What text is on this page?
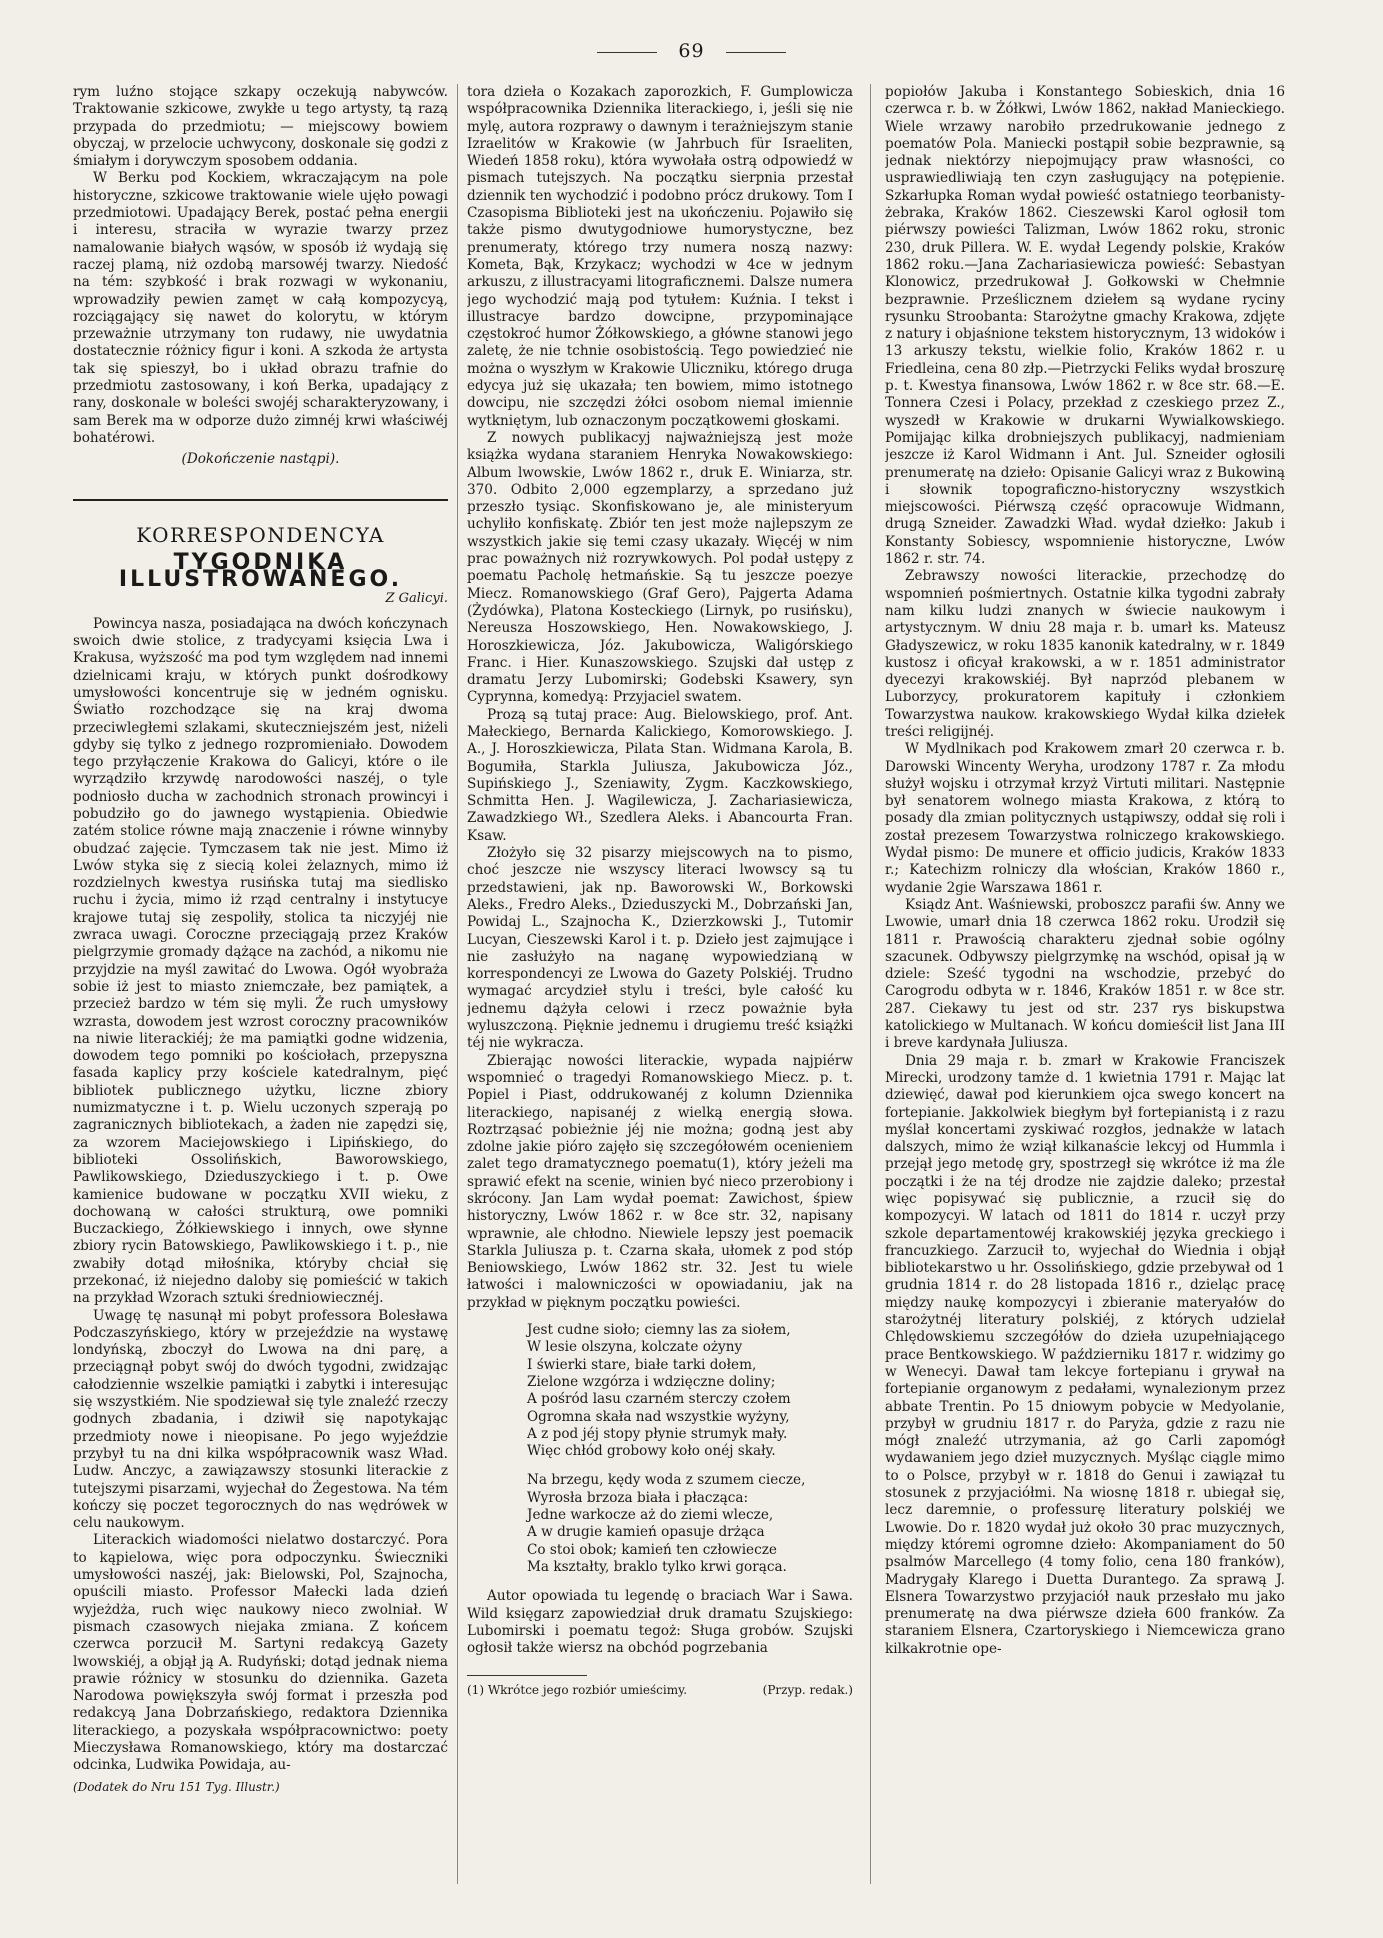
69

rym luźno stojące szkapy oczekują nabywców. Traktowanie szkicowe, zwykłe u tego artysty, tą razą przypada do przedmiotu; — miejscowy bowiem obyczaj, w przelocie uchwycony, doskonale się godzi z śmiałym i dorywczym sposobem oddania.

W Berku pod Kockiem, wkraczającym na pole historyczne, szkicowe traktowanie wiele ujęło powagi przedmiotowi. Upadający Berek, postać pełna energii i interesu, straciła w wyrazie twarzy przez namalowanie białych wąsów, w sposób iż wydają się raczej plamą, niż ozdobą marsowéj twarzy. Niedość na tém: szybkość i brak rozwagi w wykonaniu, wprowadziły pewien zamęt w całą kompozycyą, rozciągający się nawet do kolorytu, w którym przeważnie utrzymany ton rudawy, nie uwydatnia dostatecznie różnicy figur i koni. A szkoda że artysta tak się spieszył, bo i układ obrazu trafnie do przedmiotu zastosowany, i koń Berka, upadający z rany, doskonale w boleści swojéj scharakteryzowany, i sam Berek ma w odporze dużo zimnéj krwi właściwéj bohatérowi.

(Dokończenie nastąpi).

KORRESPONDENCYA
TYGODNIKA ILLUSTROWANEGO.
Z Galicyi.

Powincya nasza, posiadająca na dwóch kończynach swoich dwie stolice, z tradycyami księcia Lwa i Krakusa, wyższość ma pod tym względem nad innemi dzielnicami kraju, w których punkt dośrodkowy umysłowości koncentruje się w jedném ognisku. Światło rozchodzące się na kraj dwoma przeciwległemi szlakami, skuteczniejszém jest, niżeli gdyby się tylko z jednego rozpromieniało. Dowodem tego przyłączenie Krakowa do Galicyi, które o ile wyrządziło krzywdę narodowości naszéj, o tyle podniosło ducha w zachodnich stronach prowincyi i pobudziło go do jawnego wystąpienia. Obiedwie zatém stolice równe mają znaczenie i równe winnyby obudzać zajęcie. Tymczasem tak nie jest. Mimo iż Lwów styka się z siecią kolei żelaznych, mimo iż rozdzielnych kwestya rusińska tutaj ma siedlisko ruchu i życia, mimo iż rząd centralny i instytucye krajowe tutaj się zespoliły, stolica ta niczyjéj nie zwraca uwagi. Coroczne przeciągają przez Kraków pielgrzymie gromady dążące na zachód, a nikomu nie przyjdzie na myśl zawitać do Lwowa. Ogół wyobraża sobie iż jest to miasto zniemczałe, bez pamiątek, a przecież bardzo w tém się myli. Że ruch umysłowy wzrasta, dowodem jest wzrost coroczny pracowników na niwie literackiéj; że ma pamiątki godne widzenia, dowodem tego pomniki po kościołach, przepyszna fasada kaplicy przy kościele katedralnym, pięć bibliotek publicznego użytku, liczne zbiory numizmatyczne i t. p. Wielu uczonych szperają po zagranicznych bibliotekach, a żaden nie zapędzi się, za wzorem Maciejowskiego i Lipińskiego, do biblioteki Ossolińskich, Baworowskiego, Pawlikowskiego, Dzieduszyckiego i t. p. Owe kamienice budowane w początku XVII wieku, z dochowaną w całości strukturą, owe pomniki Buczackiego, Żółkiewskiego i innych, owe słynne zbiory rycin Batowskiego, Pawlikowskiego i t. p., nie zwabiły dotąd miłośnika, któryby chciał się przekonać, iż niejedno daloby się pomieścić w takich na przykład Wzorach sztuki średniowiecznéj.

Uwagę tę nasunął mi pobyt professora Bolesława Podczaszyńskiego, który w przejeździe na wystawę londyńską, zboczył do Lwowa na dni parę, a przeciągnął pobyt swój do dwóch tygodni, zwidzając całodziennie wszelkie pamiątki i zabytki i interesując się wszystkiém. Nie spodziewał się tyle znaleźć rzeczy godnych zbadania, i dziwił się napotykając przedmioty nowe i nieopisane. Po jego wyjeździe przybył tu na dni kilka współpracownik wasz Wład. Ludw. Anczyc, a zawiązawszy stosunki literackie z tutejszymi pisarzami, wyjechał do Żegestowa. Na tém kończy się poczet tegorocznych do nas wędrówek w celu naukowym.

Literackich wiadomości nielatwo dostarczyć. Pora to kąpielowa, więc pora odpoczynku. Świeczniki umysłowości naszéj, jak: Bielowski, Pol, Szajnocha, opuścili miasto. Professor Małecki lada dzień wyjeżdża, ruch więc naukowy nieco zwolniał. W pismach czasowych niejaka zmiana. Z końcem czerwca porzucił M. Sartyni redakcyą Gazety lwowskiéj, a objął ją A. Rudyński; dotąd jednak niema prawie różnicy w stosunku do dziennika. Gazeta Narodowa powiększyła swój format i przeszła pod redakcyą Jana Dobrzańskiego, redaktora Dziennika literackiego, a pozyskała współpracownictwo: poety Mieczysława Romanowskiego, który ma dostarczać odcinka, Ludwika Powidaja, au-

(Dodatek do Nru 151 Tyg. Illustr.)

tora dzieła o Kozakach zaporozkich, F. Gumplowicza współpracownika Dziennika literackiego, i, jeśli się nie mylę, autora rozprawy o dawnym i terażniejszym stanie Izraelitów w Krakowie (w Jahrbuch für Israeliten, Wiedeń 1858 roku), która wywołała ostrą odpowiedź w pismach tutejszych. Na początku sierpnia przestał dziennik ten wychodzić i podobno prócz drukowy. Tom I Czasopisma Biblioteki jest na ukończeniu. Pojawiło się także pismo dwutygodniowe humorystyczne, bez prenumeraty, którego trzy numera noszą nazwy: Kometa, Bąk, Krzykacz; wychodzi w 4ce w jednym arkuszu, z illustracyami litograficznemi. Dalsze numera jego wychodzić mają pod tytułem: Kuźnia. I tekst i illustracye bardzo dowcipne, przypominające częstokroć humor Żółkowskiego, a główne stanowi jego zaletę, że nie tchnie osobistością. Tego powiedzieć nie można o wyszłym w Krakowie Uliczniku, którego druga edycya już się ukazała; ten bowiem, mimo istotnego dowcipu, nie szczędzi żółci osobom niemal imiennie wytkniętym, lub oznaczonym początkowemi głoskami.

Z nowych publikacyj najważniejszą jest może książka wydana staraniem Henryka Nowakowskiego: Album lwowskie, Lwów 1862 r., druk E. Winiarza, str. 370. Odbito 2,000 egzemplarzy, a sprzedano już przeszło tysiąc. Skonfiskowano je, ale ministeryum uchyliło konfiskatę. Zbiór ten jest może najlepszym ze wszystkich jakie się temi czasy ukazały. Więcéj w nim prac poważnych niż rozrywkowych. Pol podał ustępy z poematu Pacholę hetmańskie. Są tu jeszcze poezye Miecz. Romanowskiego (Graf Gero), Pajgerta Adama (Żydówka), Platona Kosteckiego (Lirnyk, po rusińsku), Nereusza Hoszowskiego, Hen. Nowakowskiego, J. Horoszkiewicza, Józ. Jakubowicza, Waligórskiego Franc. i Hier. Kunaszowskiego. Szujski dał ustęp z dramatu Jerzy Lubomirski; Godebski Ksawery, syn Cyprynna, komedyą: Przyjaciel swatem.

Prozą są tutaj prace: Aug. Bielowskiego, prof. Ant. Małeckiego, Bernarda Kalickiego, Komorowskiego. J. A., J. Horoszkiewicza, Pilata Stan. Widmana Karola, B. Bogumiła, Starkla Juliusza, Jakubowicza Józ., Supińskiego J., Szeniawity, Zygm. Kaczkowskiego, Schmitta Hen. J. Wagilewicza, J. Zachariasiewicza, Zawadzkiego Wł., Szedlera Aleks. i Abancourta Fran. Ksaw.

Złożyło się 32 pisarzy miejscowych na to pismo, choć jeszcze nie wszyscy literaci lwowscy są tu przedstawieni, jak np. Baworowski W., Borkowski Aleks., Fredro Aleks., Dzieduszycki M., Dobrzański Jan, Powidaj L., Szajnocha K., Dzierzkowski J., Tutomir Lucyan, Cieszewski Karol i t. p. Dzieło jest zajmujące i nie zasłużyło na naganę wypowiedzianą w korrespondencyi ze Lwowa do Gazety Polskiéj. Trudno wymagać arcydzieł stylu i treści, byle całość ku jednemu dążyła celowi i rzecz poważnie była wyluszczoną. Pięknie jednemu i drugiemu treść książki téj nie wykracza.

Zbierając nowości literackie, wypada najpiérw wspomnieć o tragedyi Romanowskiego Miecz. p. t. Popiel i Piast, oddrukowanéj z kolumn Dziennika literackiego, napisanéj z wielką energią słowa. Roztrząsać pobieżnie jéj nie można; godną jest aby zdolne jakie pióro zajęło się szczegółowém ocenieniem zalet tego dramatycznego poematu(1), który jeżeli ma sprawić efekt na scenie, winien być nieco przerobiony i skrócony. Jan Lam wydał poemat: Zawichost, śpiew historyczny, Lwów 1862 r. w 8ce str. 32, napisany wprawnie, ale chłodno. Niewiele lepszy jest poemacik Starkla Juliusza p. t. Czarna skała, ułomek z pod stóp Beniowskiego, Lwów 1862 str. 32. Jest tu wiele łatwości i malowniczości w opowiadaniu, jak na przykład w pięknym początku powieści.

Jest cudne sioło; ciemny las za siołem,
W lesie olszyna, kolczate ożyny
I świerki stare, białe tarki dołem,
Zielone wzgórza i wdzięczne doliny;
A pośród lasu czarném sterczy czołem
Ogromna skała nad wszystkie wyżyny,
A z pod jéj stopy płynie strumyk mały.
Więc chłód grobowy koło onéj skały.
Na brzegu, kędy woda z szumem ciecze,
Wyrosła brzoza biała i płacząca:
Jedne warkocze aż do ziemi wlecze,
A w drugie kamień opasuje drżąca
Co stoi obok; kamień ten człowiecze
Ma kształty, braklo tylko krwi gorąca.

Autor opowiada tu legendę o braciach War i Sawa. Wild księgarz zapowiedział druk dramatu Szujskiego: Lubomirski i poematu tegoż: Sługa grobów. Szujski ogłosił także wiersz na obchód pogrzebania

(1) Wkrótce jego rozbiór umieścimy.	(Przyp. redak.)

popiołów Jakuba i Konstantego Sobieskich, dnia 16 czerwca r. b. w Żółkwi, Lwów 1862, nakład Manieckiego. Wiele wrzawy narobiło przedrukowanie jednego z poematów Pola. Maniecki postąpił sobie bezprawnie, są jednak niektórzy niepojmujący praw własności, co usprawiedliwiają ten czyn zasługujący na potępienie. Szkarłupka Roman wydał powieść ostatniego teorbanisty-żebraka, Kraków 1862. Cieszewski Karol ogłosił tom piérwszy powieści Talizman, Lwów 1862 roku, stronic 230, druk Pillera. W. E. wydał Legendy polskie, Kraków 1862 roku.—Jana Zachariasiewicza powieść: Sebastyan Klonowicz, przedrukował J. Gołkowski w Chełmnie bezprawnie. Prześlicznem dziełem są wydane ryciny rysunku Stroobanta: Starożytne gmachy Krakowa, zdjęte z natury i objaśnione tekstem historycznym, 13 widoków i 13 arkuszy tekstu, wielkie folio, Kraków 1862 r. u Friedleina, cena 80 złp.—Pietrzycki Feliks wydał broszurę p. t. Kwestya finansowa, Lwów 1862 r. w 8ce str. 68.—E. Tonnera Czesi i Polacy, przekład z czeskiego przez Z., wyszedł w Krakowie w drukarni Wywialkowskiego. Pomijając kilka drobniejszych publikacyj, nadmieniam jeszcze iż Karol Widmann i Ant. Jul. Szneider ogłosili prenumeratę na dzieło: Opisanie Galicyi wraz z Bukowiną i słownik topograficzno-historyczny wszystkich miejscowości. Piérwszą część opracowuje Widmann, drugą Szneider. Zawadzki Wład. wydał dziełko: Jakub i Konstanty Sobiescy, wspomnienie historyczne, Lwów 1862 r. str. 74.

Zebrawszy nowości literackie, przechodzę do wspomnień pośmiertnych. Ostatnie kilka tygodni zabrały nam kilku ludzi znanych w świecie naukowym i artystycznym. W dniu 28 maja r. b. umarł ks. Mateusz Gładyszewicz, w roku 1835 kanonik katedralny, w r. 1849 kustosz i oficyał krakowski, a w r. 1851 administrator dyecezyi krakowskiéj. Był naprzód plebanem w Luborzycy, prokuratorem kapituły i członkiem Towarzystwa naukow. krakowskiego Wydał kilka dziełek treści religijnéj.

W Mydlnikach pod Krakowem zmarł 20 czerwca r. b. Darowski Wincenty Weryha, urodzony 1787 r. Za młodu służył wojsku i otrzymał krzyż Virtuti militari. Następnie był senatorem wolnego miasta Krakowa, z którą to posady dla zmian politycznych ustąpiwszy, oddał się roli i został prezesem Towarzystwa rolniczego krakowskiego. Wydał pismo: De munere et officio judicis, Kraków 1833 r.; Katechizm rolniczy dla włościan, Kraków 1860 r., wydanie 2gie Warszawa 1861 r.

Ksiądz Ant. Waśniewski, proboszcz parafii św. Anny we Lwowie, umarł dnia 18 czerwca 1862 roku. Urodził się 1811 r. Prawością charakteru zjednał sobie ogólny szacunek. Odbywszy pielgrzymkę na wschód, opisał ją w dziele: Sześć tygodni na wschodzie, przebyć do Carogrodu odbyta w r. 1846, Kraków 1851 r. w 8ce str. 287. Ciekawy tu jest od str. 237 rys biskupstwa katolickiego w Multanach. W końcu domieścił list Jana III i breve kardynała Juliusza.

Dnia 29 maja r. b. zmarł w Krakowie Franciszek Mirecki, urodzony tamże d. 1 kwietnia 1791 r. Mając lat dziewięć, dawał pod kierunkiem ojca swego koncert na fortepianie. Jakkolwiek biegłym był fortepianistą i z razu myślał koncertami zyskiwać rozgłos, jednakże w latach dalszych, mimo że wziął kilkanaście lekcyj od Hummla i przejął jego metodę gry, spostrzegł się wkrótce iż ma źle początki i że na téj drodze nie zajdzie daleko; przestał więc popisywać się publicznie, a rzucił się do kompozycyi. W latach od 1811 do 1814 r. uczył przy szkole departamentowéj krakowskiéj języka greckiego i francuzkiego. Zarzucił to, wyjechał do Wiednia i objął bibliotekarstwo u hr. Ossolińskiego, gdzie przebywał od 1 grudnia 1814 r. do 28 listopada 1816 r., dzieląc pracę między naukę kompozycyi i zbieranie materyałów do starożytnéj literatury polskiéj, z których udzielał Chlędowskiemu szczegółów do dzieła uzupełniającego prace Bentkowskiego. W październiku 1817 r. widzimy go w Wenecyi. Dawał tam lekcye fortepianu i grywał na fortepianie organowym z pedałami, wynalezionym przez abbate Trentin. Po 15 dniowym pobycie w Medyolanie, przybył w grudniu 1817 r. do Paryża, gdzie z razu nie mógł znaleźć utrzymania, aż go Carli zapomógł wydawaniem jego dzieł muzycznych. Myśląc ciągle mimo to o Polsce, przybył w r. 1818 do Genui i zawiązał tu stosunek z przyjaciółmi. Na wiosnę 1818 r. ubiegał się, lecz daremnie, o professurę literatury polskiéj we Lwowie. Do r. 1820 wydał już około 30 prac muzycznych, między któremi ogromne dzieło: Akompaniament do 50 psalmów Marcellego (4 tomy folio, cena 180 franków), Madrygały Klarego i Duetta Durantego. Za sprawą J. Elsnera Towarzystwo przyjaciół nauk przesłało mu jako prenumeratę na dwa piérwsze dzieła 600 franków. Za staraniem Elsnera, Czartoryskiego i Niemcewicza grano kilkakrotnie ope-
